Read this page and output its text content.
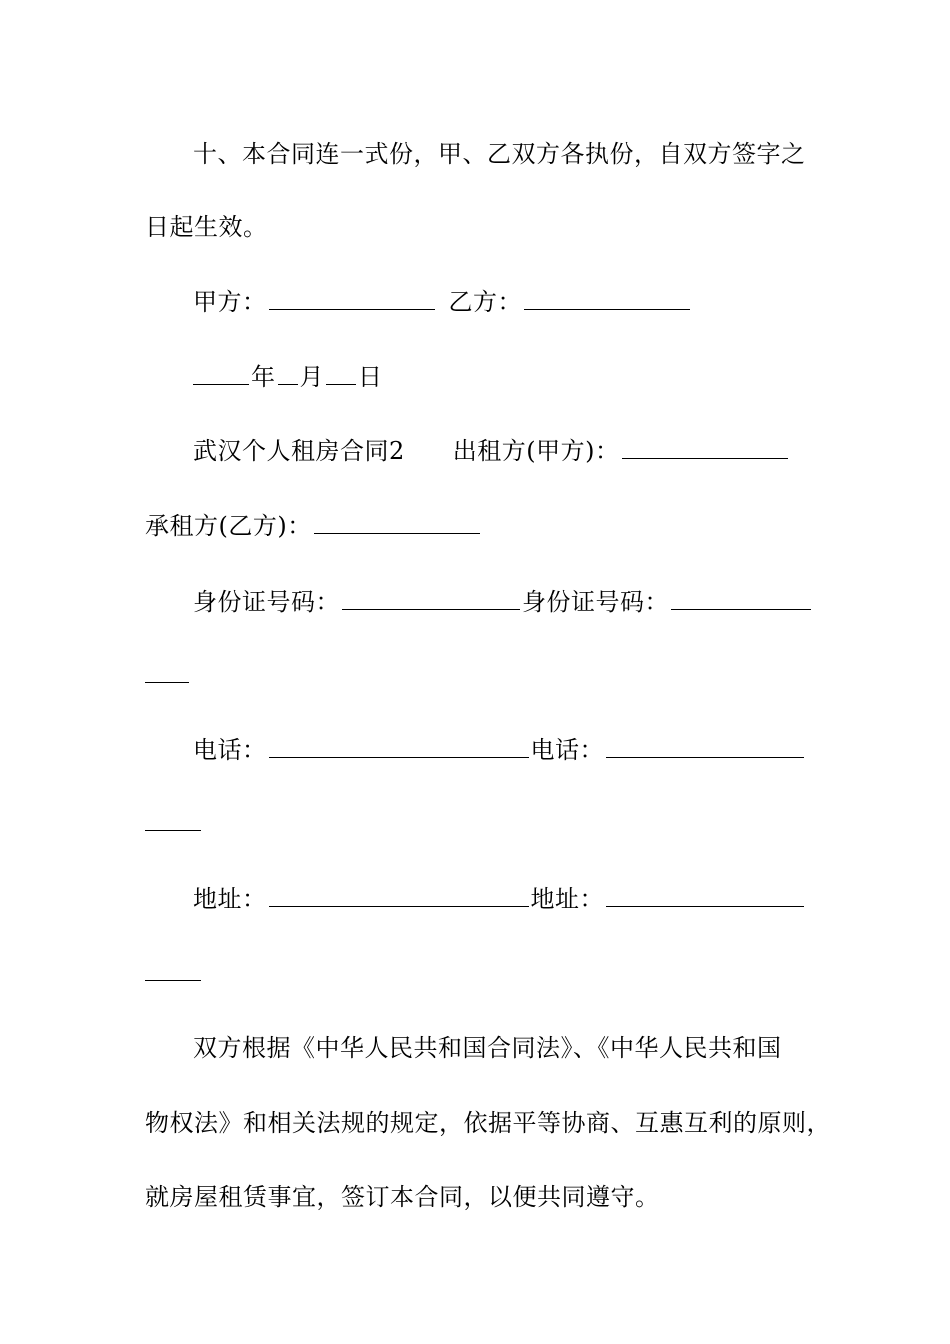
十、本合同连一式份，甲、乙双方各执份，自双方签字之
日起生效。
甲方：	乙方：
年 月 日
武汉个人租房合同2 出租方(甲方)：
承租方(乙方)：
身份证号码：	身份证号码：
电话：	电话：
地址：	地址：
双方根据《中华人民共和国合同法》、《中华人民共和国
物权法》和相关法规的规定，依据平等协商、互惠互利的原则，
就房屋租赁事宜，签订本合同，以便共同遵守。
